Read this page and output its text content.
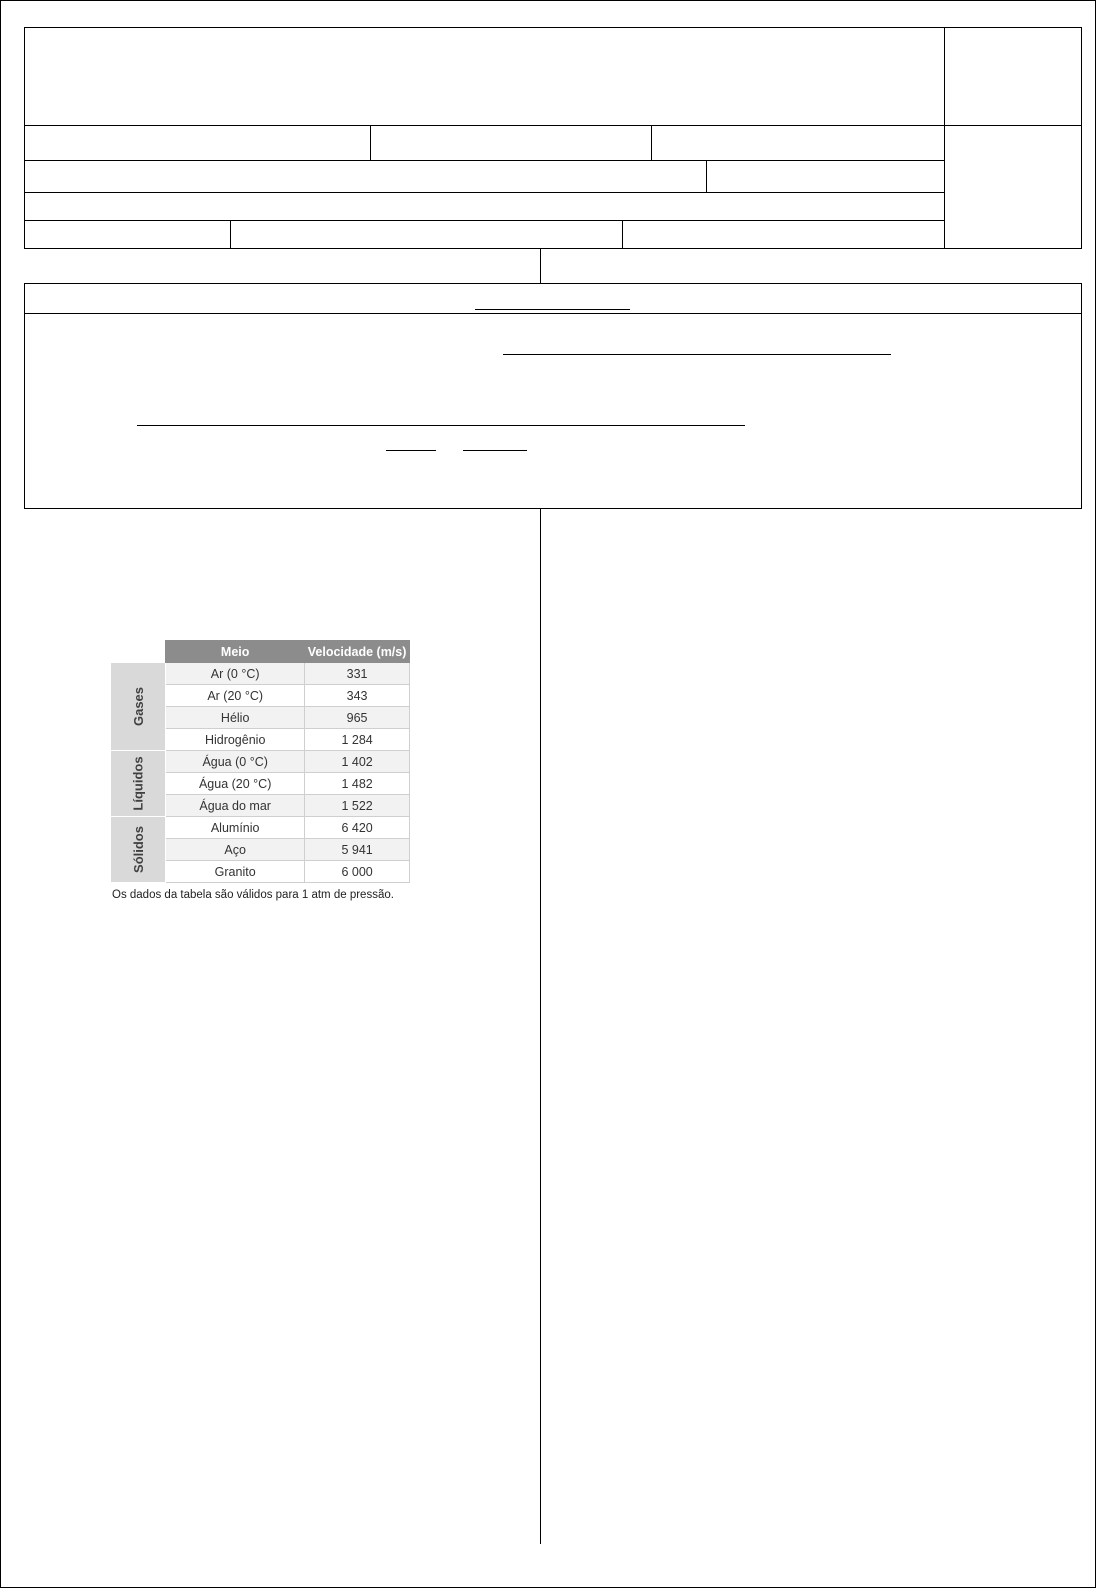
	Meio	Velocidade (m/s)
Gases	Ar (0 °C)	331
	Ar (20 °C)	343
	Hélio	965
	Hidrogênio	1 284
Líquidos	Água (0 °C)	1 402
	Água (20 °C)	1 482
	Água do mar	1 522
Sólidos	Alumínio	6 420
	Aço	5 941
	Granito	6 000
Os dados da tabela são válidos para 1 atm de pressão.
